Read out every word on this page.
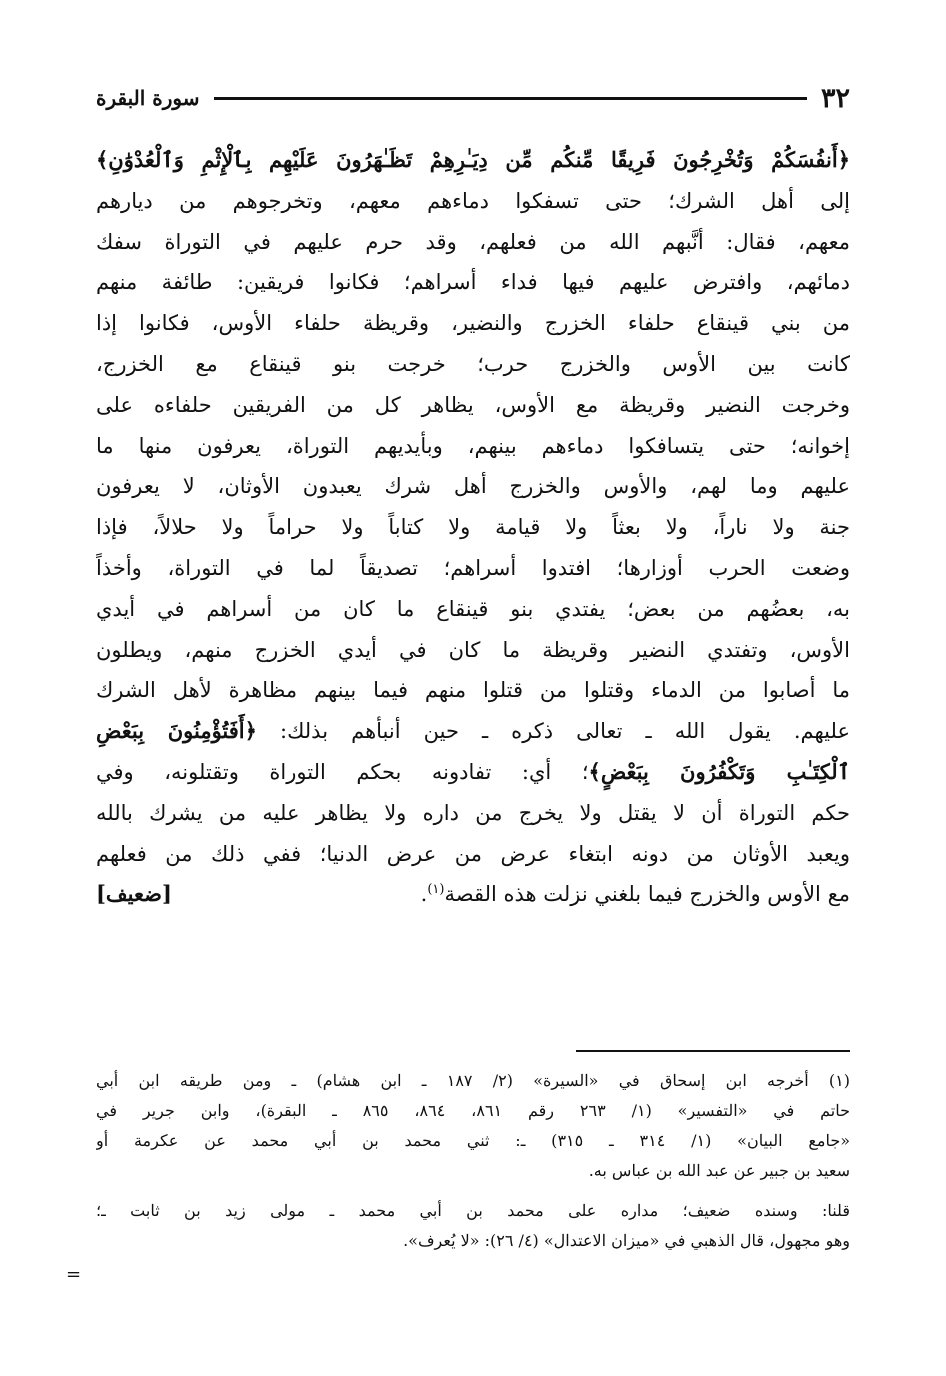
٣٢
سورة البقرة
﴿أَنفُسَكُمْ وَتُخْرِجُونَ فَرِيقًا مِّنكُم مِّن دِيَـٰرِهِمْ تَظَـٰهَرُونَ عَلَيْهِم بِٱلْإِثْمِ وَٱلْعُدْوَٰنِ﴾
إلى أهل الشرك؛ حتى تسفكوا دماءهم معهم، وتخرجوهم من ديارهم
معهم، فقال: أنَّبهم الله من فعلهم، وقد حرم عليهم في التوراة سفك
دمائهم، وافترض عليهم فيها فداء أسراهم؛ فكانوا فريقين: طائفة منهم
من بني قينقاع حلفاء الخزرج والنضير، وقريظة حلفاء الأوس، فكانوا إذا
كانت بين الأوس والخزرج حرب؛ خرجت بنو قينقاع مع الخزرج،
وخرجت النضير وقريظة مع الأوس، يظاهر كل من الفريقين حلفاءه على
إخوانه؛ حتى يتسافكوا دماءهم بينهم، وبأيديهم التوراة، يعرفون منها ما
عليهم وما لهم، والأوس والخزرج أهل شرك يعبدون الأوثان، لا يعرفون
جنة ولا ناراً، ولا بعثاً ولا قيامة ولا كتاباً ولا حراماً ولا حلالاً، فإذا
وضعت الحرب أوزارها؛ افتدوا أسراهم؛ تصديقاً لما في التوراة، وأخذاً
به، بعضُهم من بعض؛ يفتدي بنو قينقاع ما كان من أسراهم في أيدي
الأوس، وتفتدي النضير وقريظة ما كان في أيدي الخزرج منهم، ويطلون
ما أصابوا من الدماء وقتلوا من قتلوا منهم فيما بينهم مظاهرة لأهل الشرك
عليهم. يقول الله ـ تعالى ذكره ـ حين أنبأهم بذلك: ﴿أَفَتُؤْمِنُونَ بِبَعْضِ
ٱلْكِتَـٰبِ وَتَكْفُرُونَ بِبَعْضٍ﴾؛ أي: تفادونه بحكم التوراة وتقتلونه، وفي
حكم التوراة أن لا يقتل ولا يخرج من داره ولا يظاهر عليه من يشرك بالله
ويعبد الأوثان من دونه ابتغاء عرض من عرض الدنيا؛ ففي ذلك من فعلهم
مع الأوس والخزرج فيما بلغني نزلت هذه القصة$^{(١)}$.
[ضعيف]
(١) أخرجه ابن إسحاق في «السيرة» (٢/ ١٨٧ ـ ابن هشام) ـ ومن طريقه ابن أبي
حاتم في «التفسير» (١/ ٢٦٣ رقم ٨٦١، ٨٦٤، ٨٦٥ ـ البقرة)، وابن جرير في
«جامع البيان» (١/ ٣١٤ ـ ٣١٥) ـ: ثني محمد بن أبي محمد عن عكرمة أو
سعيد بن جبير عن عبد الله بن عباس به.
قلنا: وسنده ضعيف؛ مداره على محمد بن أبي محمد ـ مولى زيد بن ثابت ـ؛
وهو مجهول، قال الذهبي في «ميزان الاعتدال» (٤/ ٢٦): «لا يُعرف».
=
